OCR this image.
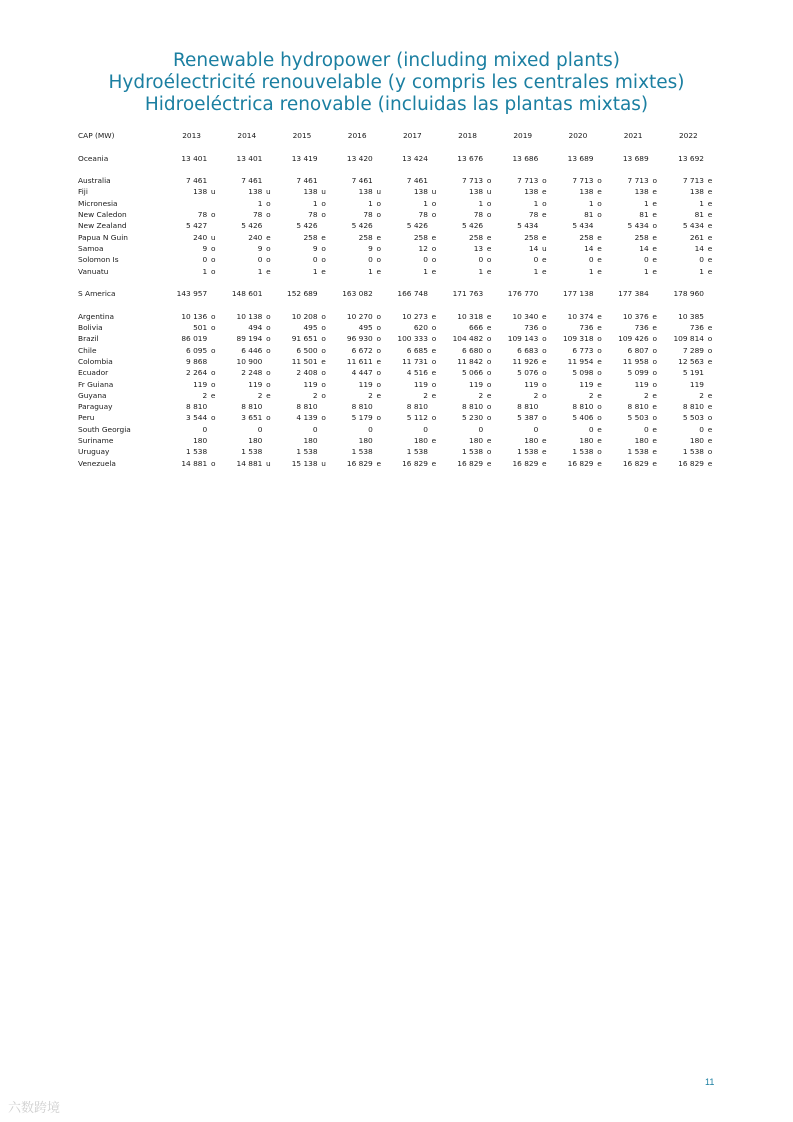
Renewable hydropower (including mixed plants)
Hydroélectricité renouvelable (y compris les centrales mixtes)
Hidroeléctrica renovable (incluidas las plantas mixtas)
CAP (MW)	2013	2014	2015	2016	2017	2018	2019	2020	2021	2022

Oceania	13 401	13 401	13 419	13 420	13 424	13 676	13 686	13 689	13 689	13 692

Australia	7 461	7 461	7 461	7 461	7 461	7 713 o	7 713 o	7 713 o	7 713 o	7 713 e
Fiji	138 u	138 u	138 u	138 u	138 u	138 u	138 e	138 e	138 e	138 e
Micronesia		1 o	1 o	1 o	1 o	1 o	1 o	1 o	1 e	1 e
New Caledon	78 o	78 o	78 o	78 o	78 o	78 o	78 e	81 o	81 e	81 e
New Zealand	5 427	5 426	5 426	5 426	5 426	5 426	5 434	5 434	5 434 o	5 434 e
Papua N Guin	240 u	240 e	258 e	258 e	258 e	258 e	258 e	258 e	258 e	261 e
Samoa	9 o	9 o	9 o	9 o	12 o	13 e	14 u	14 e	14 e	14 e
Solomon Is	0 o	0 o	0 o	0 o	0 o	0 o	0 e	0 e	0 e	0 e
Vanuatu	1 o	1 e	1 e	1 e	1 e	1 e	1 e	1 e	1 e	1 e

S America	143 957	148 601	152 689	163 082	166 748	171 763	176 770	177 138	177 384	178 960

Argentina	10 136 o	10 138 o	10 208 o	10 270 o	10 273 e	10 318 e	10 340 e	10 374 e	10 376 e	10 385
Bolivia	501 o	494 o	495 o	495 o	620 o	666 e	736 o	736 e	736 e	736 e
Brazil	86 019	89 194 o	91 651 o	96 930 o	100 333 o	104 482 o	109 143 o	109 318 o	109 426 o	109 814 o
Chile	6 095 o	6 446 o	6 500 o	6 672 o	6 685 e	6 680 o	6 683 o	6 773 o	6 807 o	7 289 o
Colombia	9 868	10 900	11 501 e	11 611 e	11 731 o	11 842 o	11 926 e	11 954 e	11 958 o	12 563 e
Ecuador	2 264 o	2 248 o	2 408 o	4 447 o	4 516 e	5 066 o	5 076 o	5 098 o	5 099 o	5 191
Fr Guiana	119 o	119 o	119 o	119 o	119 o	119 o	119 o	119 e	119 o	119
Guyana	2 e	2 e	2 o	2 e	2 e	2 e	2 o	2 e	2 e	2 e
Paraguay	8 810	8 810	8 810	8 810	8 810	8 810 o	8 810	8 810 o	8 810 e	8 810 e
Peru	3 544 o	3 651 o	4 139 o	5 179 o	5 112 o	5 230 o	5 387 o	5 406 o	5 503 o	5 503 o
South Georgia	0	0	0	0	0	0	0	0 e	0 e	0 e
Suriname	180	180	180	180	180 e	180 e	180 e	180 e	180 e	180 e
Uruguay	1 538	1 538	1 538	1 538	1 538	1 538 o	1 538 e	1 538 o	1 538 e	1 538 o
Venezuela	14 881 o	14 881 u	15 138 u	16 829 e	16 829 e	16 829 e	16 829 e	16 829 e	16 829 e	16 829 e
11
六数跨境
